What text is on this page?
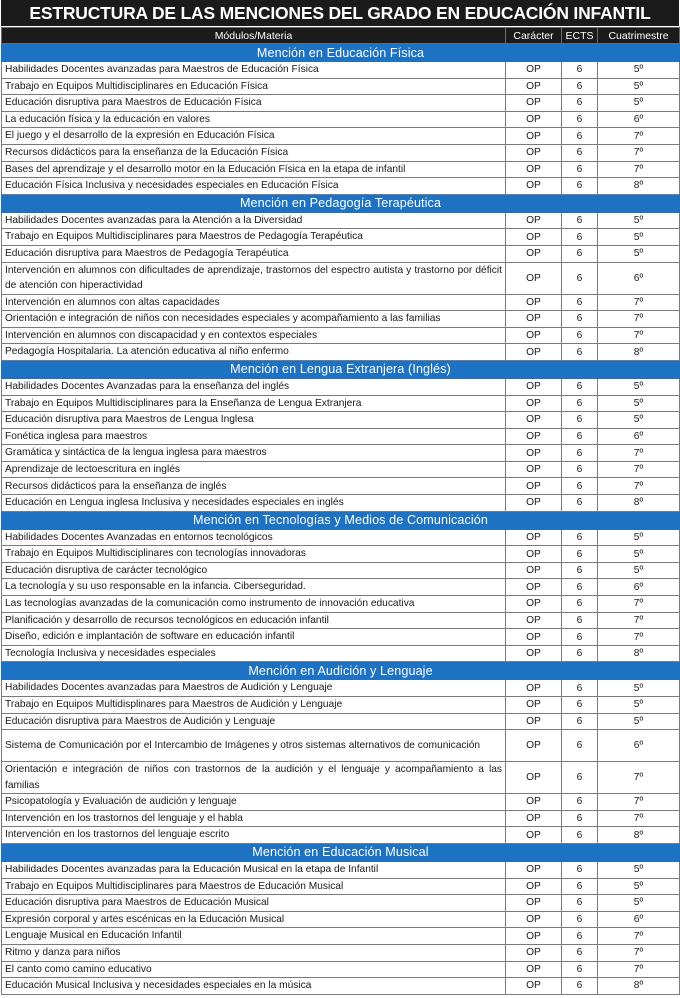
ESTRUCTURA DE LAS MENCIONES DEL GRADO EN EDUCACIÓN INFANTIL
Módulos/Materia	Carácter	ECTS	Cuatrimestre
Mención en Educación Física			
Habilidades Docentes avanzadas para Maestros de Educación Física	OP	6	5º
Trabajo en Equipos Multidisciplinares en Educación Física	OP	6	5º
Educación disruptiva para Maestros de Educación Física	OP	6	5º
La educación física y la educación en valores	OP	6	6º
El juego y el desarrollo de la expresión en Educación Física	OP	6	7º
Recursos didácticos para la enseñanza de la Educación Física	OP	6	7º
Bases del aprendizaje y el desarrollo motor en la Educación Física en la etapa de infantil	OP	6	7º
Educación Física Inclusiva y necesidades especiales en Educación Física	OP	6	8º
Mención en Pedagogía Terapéutica			
Habilidades Docentes avanzadas para la Atención a la Diversidad	OP	6	5º
Trabajo en Equipos Multidisciplinares para Maestros de Pedagogía Terapéutica	OP	6	5º
Educación disruptiva para Maestros de Pedagogía Terapéutica	OP	6	5º
Intervención en alumnos con dificultades de aprendizaje, trastornos del espectro autista y trastorno por déficit de atención con hiperactividad	OP	6	6º
Intervención en alumnos con altas capacidades	OP	6	7º
Orientación e integración de niños con necesidades especiales y acompañamiento a las familias	OP	6	7º
Intervención en alumnos con discapacidad y en contextos especiales	OP	6	7º
Pedagogía Hospitalaria. La atención educativa al niño enfermo	OP	6	8º
Mención en Lengua Extranjera (Inglés)			
Habilidades Docentes Avanzadas para la enseñanza del inglés	OP	6	5º
Trabajo en Equipos Multidisciplinares para la Enseñanza de Lengua Extranjera	OP	6	5º
Educación disruptiva para Maestros de Lengua Inglesa	OP	6	5º
Fonética inglesa para maestros	OP	6	6º
Gramática y sintáctica de la lengua inglesa para maestros	OP	6	7º
Aprendizaje de lectoescritura en inglés	OP	6	7º
Recursos didácticos para la enseñanza de inglés	OP	6	7º
Educación en Lengua inglesa Inclusiva y necesidades especiales en inglés	OP	6	8º
Mención en Tecnologías y Medios de Comunicación			
Habilidades Docentes Avanzadas en entornos tecnológicos	OP	6	5º
Trabajo en Equipos Multidisciplinares con tecnologías innovadoras	OP	6	5º
Educación disruptiva de carácter tecnológico	OP	6	5º
La tecnología y su uso responsable en la infancia. Ciberseguridad.	OP	6	6º
Las tecnologías avanzadas de la comunicación como instrumento de innovación educativa	OP	6	7º
Planificación y desarrollo de recursos tecnológicos en educación infantil	OP	6	7º
Diseño, edición e implantación de software en educación infantil	OP	6	7º
Tecnología Inclusiva y necesidades especiales	OP	6	8º
Mención en Audición y Lenguaje			
Habilidades Docentes avanzadas para Maestros de Audición y Lenguaje	OP	6	5º
Trabajo en Equipos Multidisplinares para Maestros de Audición y Lenguaje	OP	6	5º
Educación disruptiva para Maestros de Audición y Lenguaje	OP	6	5º
Sistema de Comunicación por el Intercambio de Imágenes y otros sistemas alternativos de comunicación	OP	6	6º
Orientación e integración de niños con trastornos de la audición y el lenguaje y acompañamiento a las familias	OP	6	7º
Psicopatología y Evaluación de audición y lenguaje	OP	6	7º
Intervención en los trastornos del lenguaje y el habla	OP	6	7º
Intervención en los trastornos del lenguaje escrito	OP	6	8º
Mención en Educación Musical			
Habilidades Docentes avanzadas para la Educación Musical en la etapa de Infantil	OP	6	5º
Trabajo en Equipos Multidisciplinares para Maestros de Educación Musical	OP	6	5º
Educación disruptiva para Maestros de Educación Musical	OP	6	5º
Expresión corporal y artes escénicas en la Educación Musical	OP	6	6º
Lenguaje Musical en Educación Infantil	OP	6	7º
Ritmo y danza para niños	OP	6	7º
El canto como camino educativo	OP	6	7º
Educación Musical Inclusiva y necesidades especiales en la música	OP	6	8º
